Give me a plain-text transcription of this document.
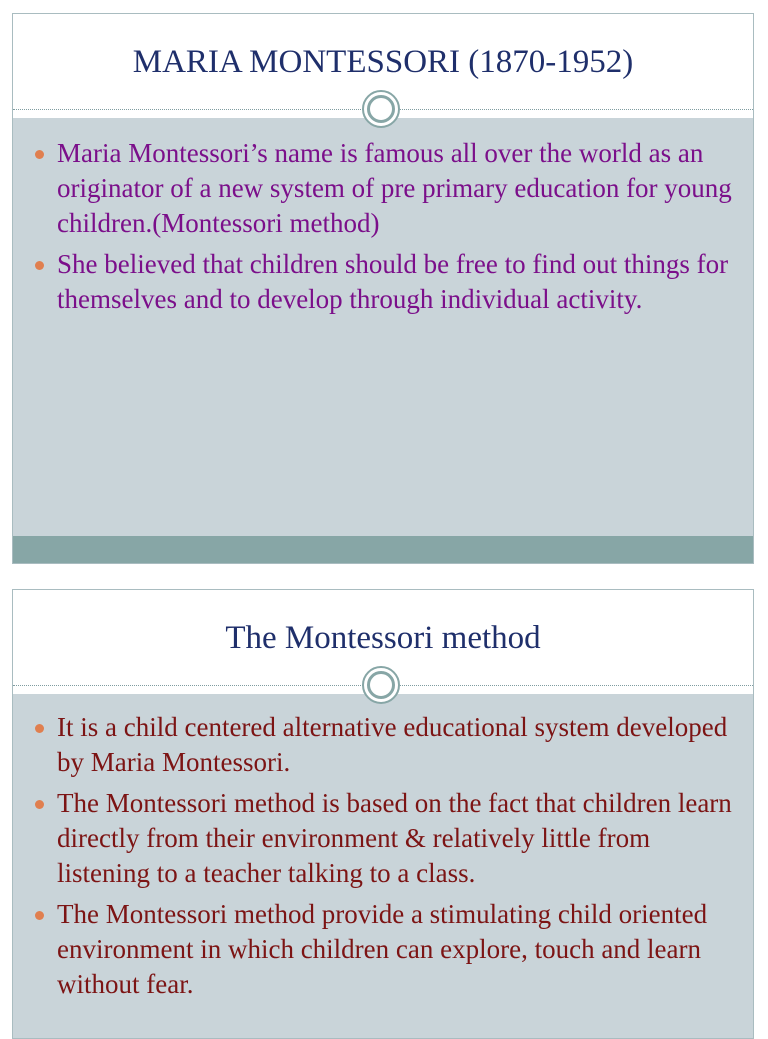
MARIA MONTESSORI (1870-1952)
Maria Montessori’s name is famous all over the world as an originator of a new system of pre primary education for young children.(Montessori method)
She believed that children should be free to find out things for themselves and to develop through individual activity.
The Montessori method
It is a child centered alternative educational system developed by Maria Montessori.
The Montessori method is based on the fact that children learn directly from their environment & relatively little from listening to a teacher talking to a class.
The Montessori method provide a stimulating child oriented environment in which children can explore, touch and learn without fear.
